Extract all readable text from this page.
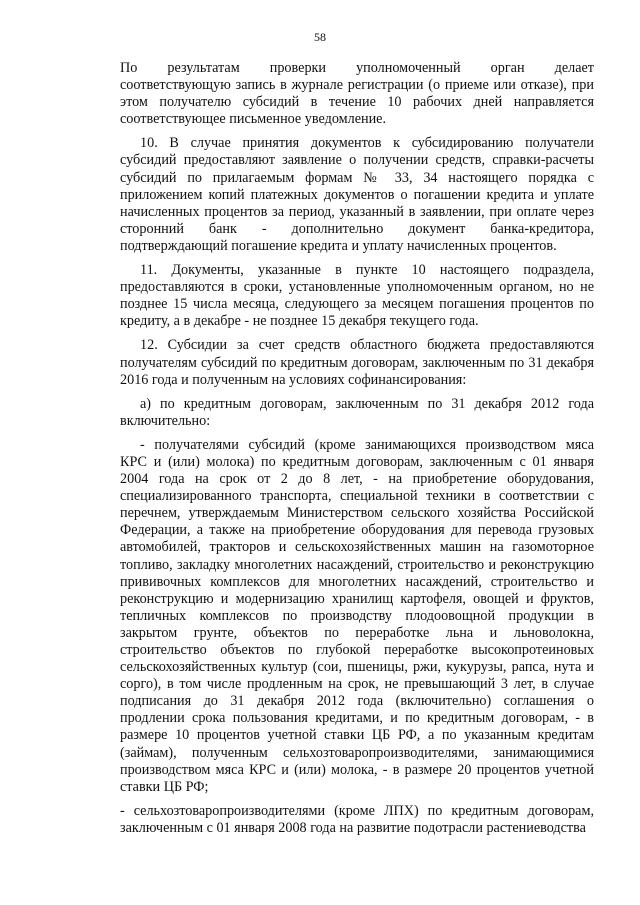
58
По результатам проверки уполномоченный орган делает
соответствующую запись в журнале регистрации (о приеме или отказе), при
этом получателю субсидий в течение 10 рабочих дней направляется
соответствующее письменное уведомление.
10. В случае принятия документов к субсидированию получатели
субсидий предоставляют заявление о получении средств, справки-расчеты
субсидий по прилагаемым формам № 33, 34 настоящего порядка с
приложением копий платежных документов о погашении кредита и уплате
начисленных процентов за период, указанный в заявлении, при оплате через
сторонний банк - дополнительно документ банка-кредитора,
подтверждающий погашение кредита и уплату начисленных процентов.
11. Документы, указанные в пункте 10 настоящего подраздела,
предоставляются в сроки, установленные уполномоченным органом, но не
позднее 15 числа месяца, следующего за месяцем погашения процентов по
кредиту, а в декабре - не позднее 15 декабря текущего года.
12. Субсидии за счет средств областного бюджета предоставляются
получателям субсидий по кредитным договорам, заключенным по 31 декабря
2016 года и полученным на условиях софинансирования:
а) по кредитным договорам, заключенным по 31 декабря 2012 года
включительно:
- получателями субсидий (кроме занимающихся производством мяса
КРС и (или) молока) по кредитным договорам, заключенным с 01 января
2004 года на срок от 2 до 8 лет, - на приобретение оборудования,
специализированного транспорта, специальной техники в соответствии с
перечнем, утверждаемым Министерством сельского хозяйства Российской
Федерации, а также на приобретение оборудования для перевода грузовых
автомобилей, тракторов и сельскохозяйственных машин на газомоторное
топливо, закладку многолетних насаждений, строительство и реконструкцию
прививочных комплексов для многолетних насаждений, строительство и
реконструкцию и модернизацию хранилищ картофеля, овощей и фруктов,
тепличных комплексов по производству плодоовощной продукции в
закрытом грунте, объектов по переработке льна и льноволокна,
строительство объектов по глубокой переработке высокопротеиновых
сельскохозяйственных культур (сои, пшеницы, ржи, кукурузы, рапса, нута и
сорго), в том числе продленным на срок, не превышающий 3 лет, в случае
подписания до 31 декабря 2012 года (включительно) соглашения о
продлении срока пользования кредитами, и по кредитным договорам, - в
размере 10 процентов учетной ставки ЦБ РФ, а по указанным кредитам
(займам), полученным сельхозтоваропроизводителями, занимающимися
производством мяса КРС и (или) молока, - в размере 20 процентов учетной
ставки ЦБ РФ;
- сельхозтоваропроизводителями (кроме ЛПХ) по кредитным договорам,
заключенным с 01 января 2008 года на развитие подотрасли растениеводства
